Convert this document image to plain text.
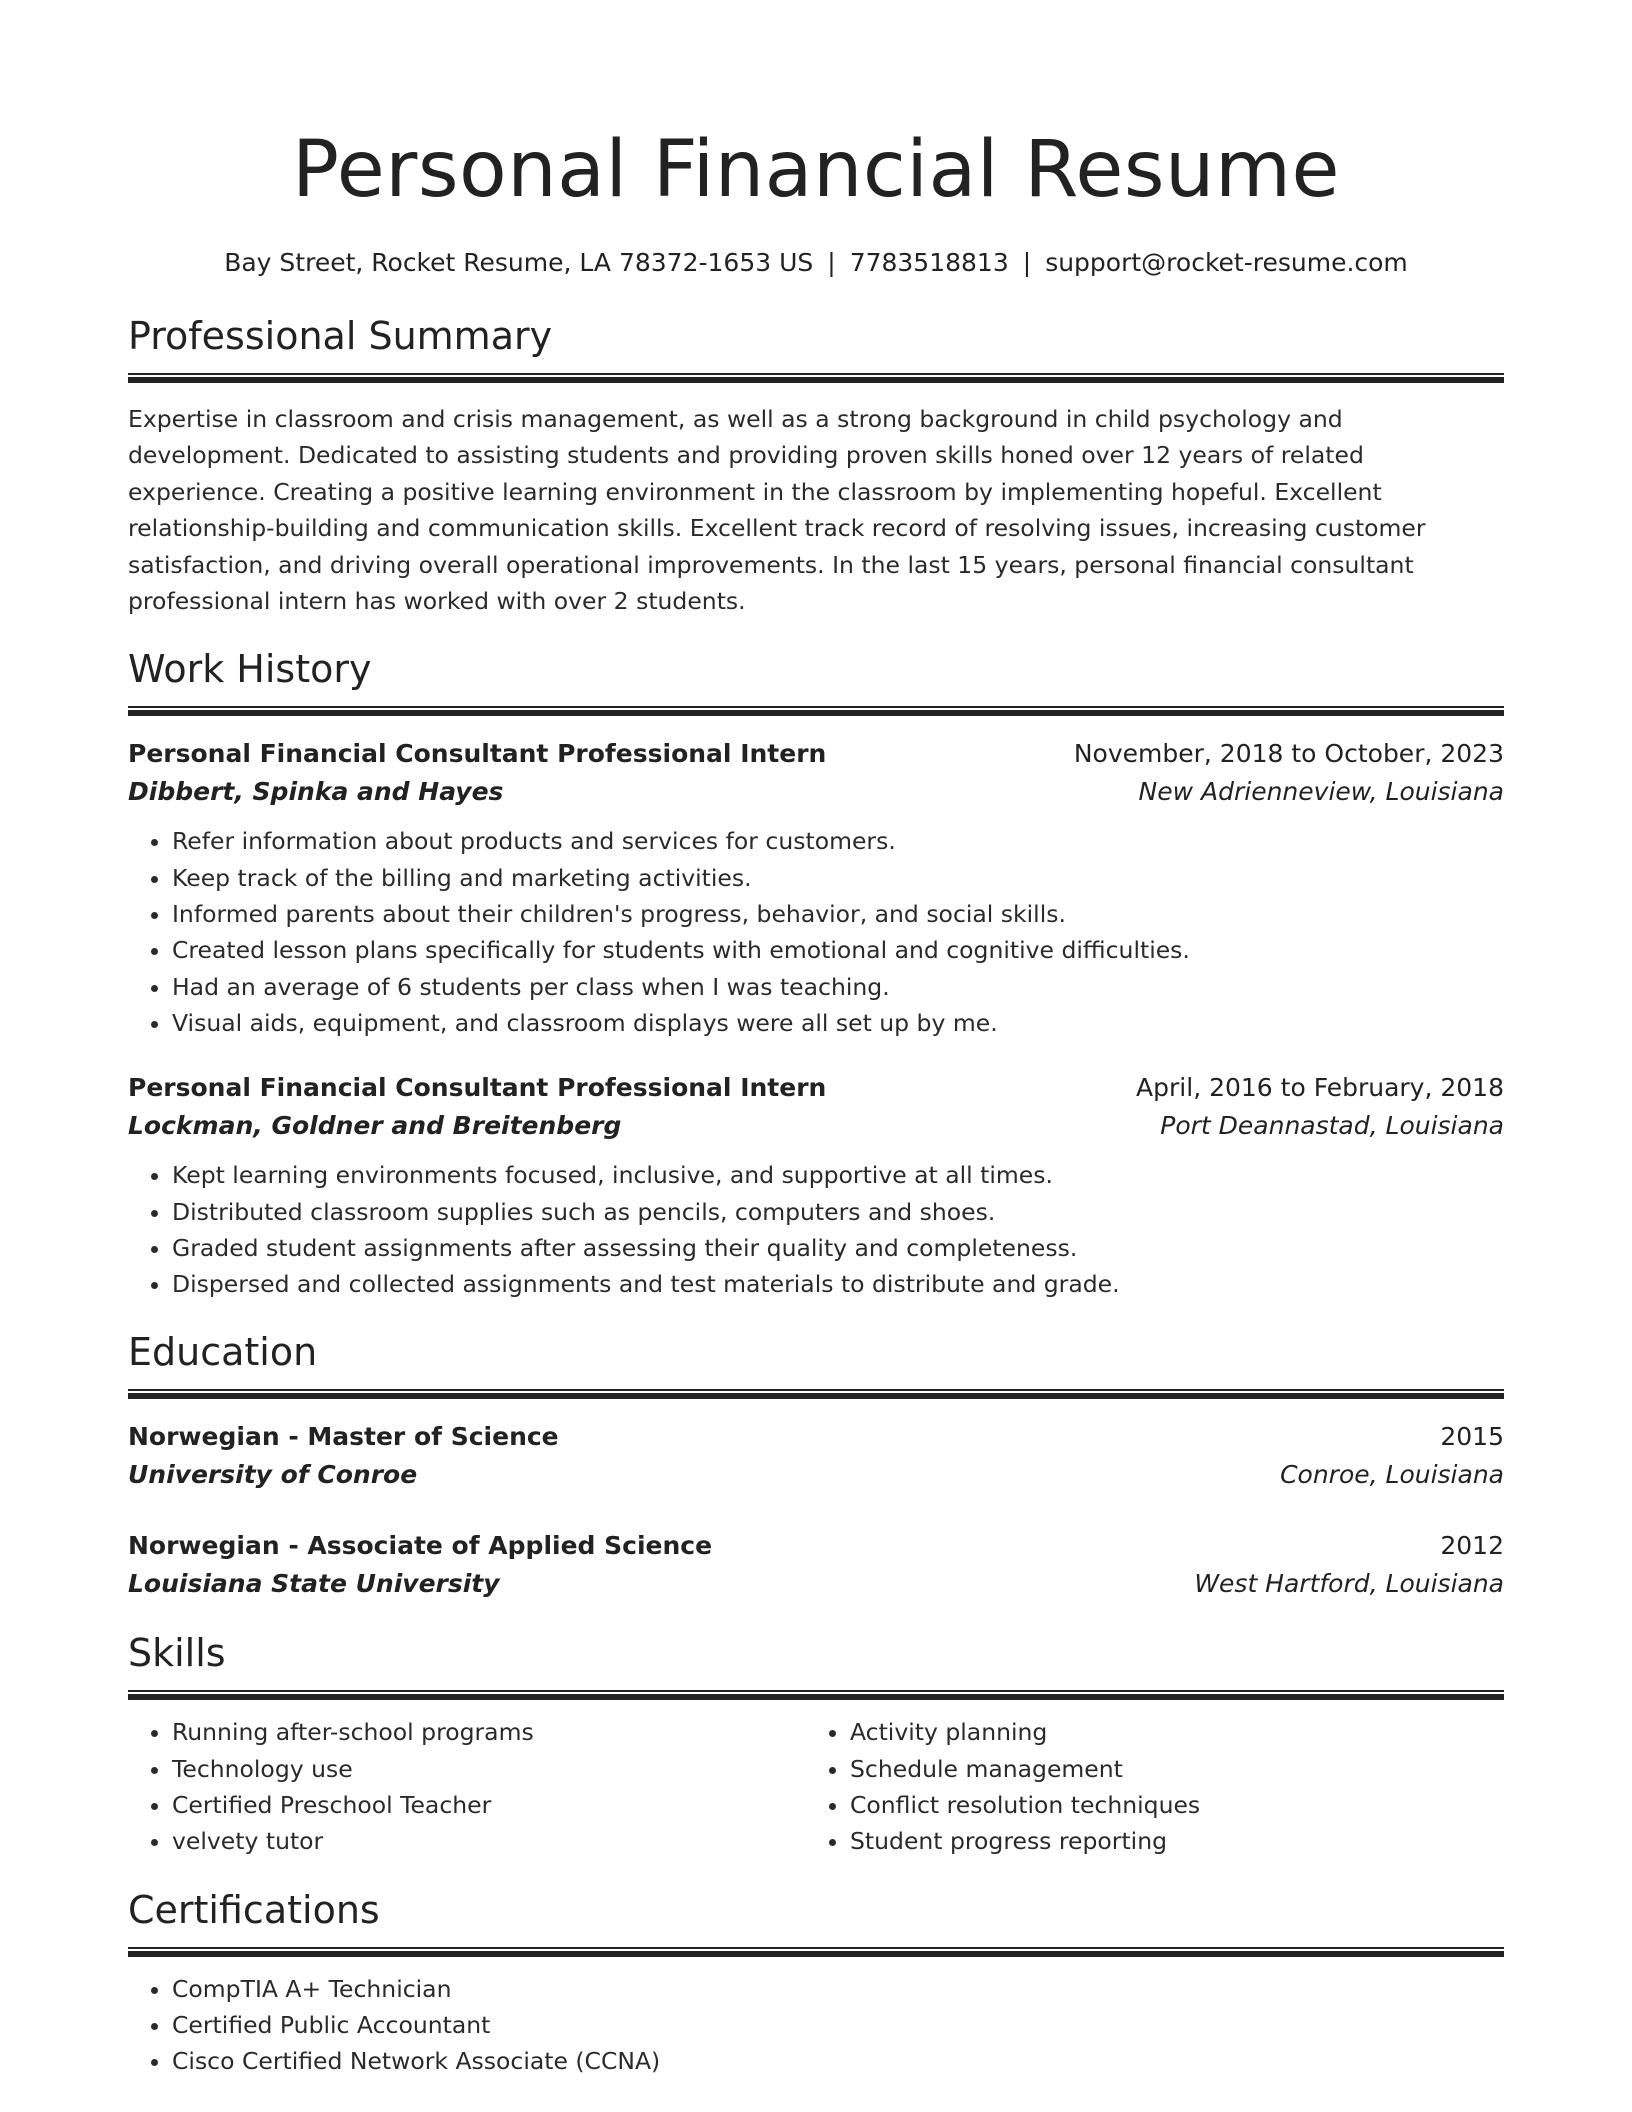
Personal Financial Resume
Bay Street, Rocket Resume, LA 78372-1653 US | 7783518813 | support@rocket-resume.com
Professional Summary

Expertise in classroom and crisis management, as well as a strong background in child psychology and development. Dedicated to assisting students and providing proven skills honed over 12 years of related experience. Creating a positive learning environment in the classroom by implementing hopeful. Excellent relationship-building and communication skills. Excellent track record of resolving issues, increasing customer satisfaction, and driving overall operational improvements. In the last 15 years, personal financial consultant professional intern has worked with over 2 students.

Work History
Personal Financial Consultant Professional Intern	November, 2018 to October, 2023
Dibbert, Spinka and Hayes	New Adrienneview, Louisiana
• Refer information about products and services for customers.
• Keep track of the billing and marketing activities.
• Informed parents about their children's progress, behavior, and social skills.
• Created lesson plans specifically for students with emotional and cognitive difficulties.
• Had an average of 6 students per class when I was teaching.
• Visual aids, equipment, and classroom displays were all set up by me.
Personal Financial Consultant Professional Intern	April, 2016 to February, 2018
Lockman, Goldner and Breitenberg	Port Deannastad, Louisiana
• Kept learning environments focused, inclusive, and supportive at all times.
• Distributed classroom supplies such as pencils, computers and shoes.
• Graded student assignments after assessing their quality and completeness.
• Dispersed and collected assignments and test materials to distribute and grade.
Education
Norwegian - Master of Science	2015
University of Conroe	Conroe, Louisiana
Norwegian - Associate of Applied Science	2012
Louisiana State University	West Hartford, Louisiana
Skills
• Running after-school programs
• Technology use
• Certified Preschool Teacher
• velvety tutor
• Activity planning
• Schedule management
• Conflict resolution techniques
• Student progress reporting
Certifications
• CompTIA A+ Technician
• Certified Public Accountant
• Cisco Certified Network Associate (CCNA)
